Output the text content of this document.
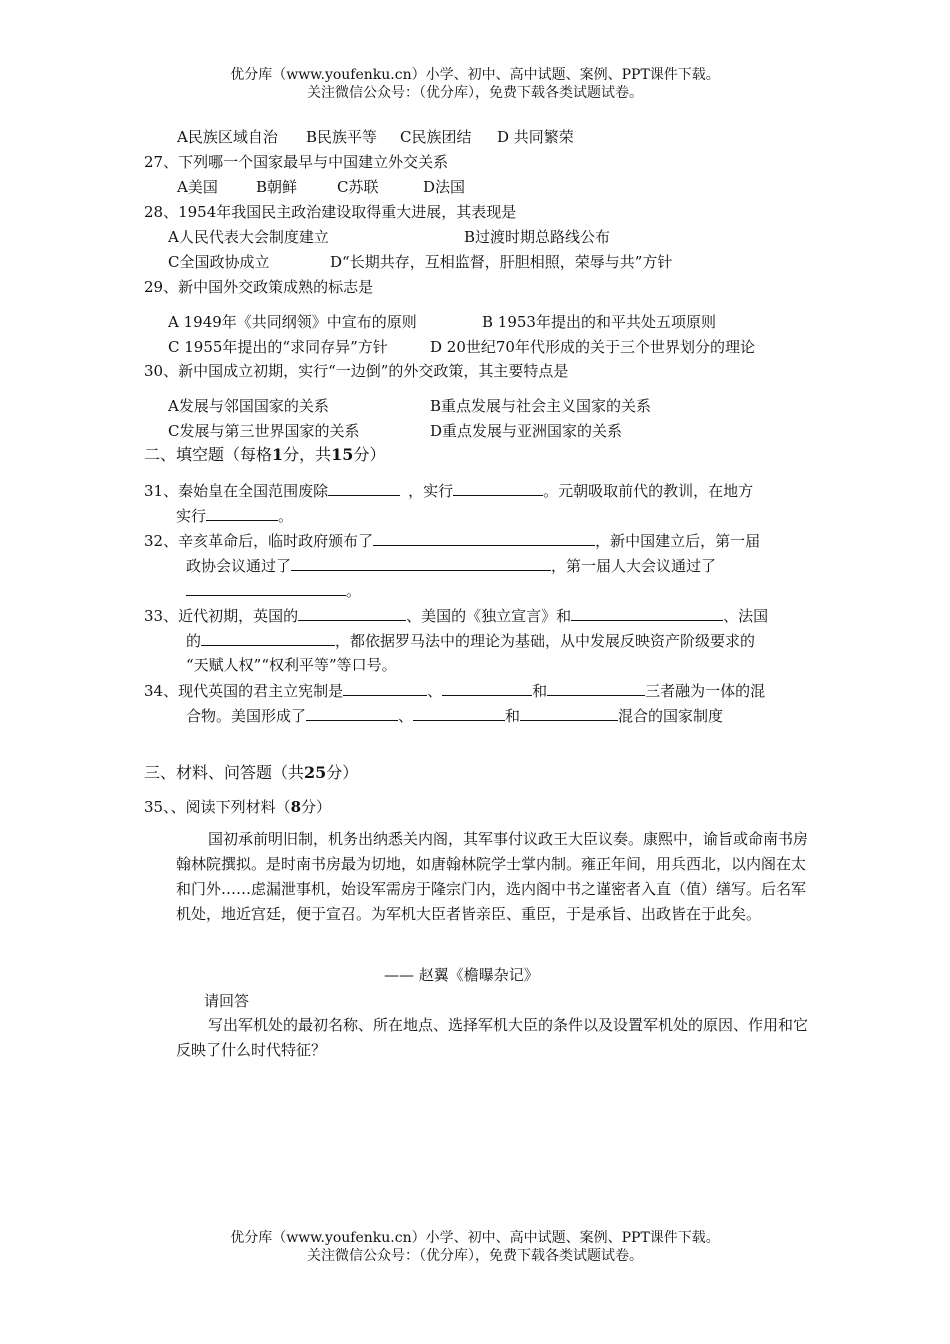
优分库（www.youfenku.cn）小学、初中、高中试题、案例、PPT课件下载。
关注微信公众号：（优分库），免费下载各类试题试卷。
A民族区域自治 B民族平等 C民族团结 D 共同繁荣
27、下列哪一个国家最早与中国建立外交关系
A美国	B朝鲜	C苏联	D法国
28、1954年我国民主政治建设取得重大进展，其表现是
A人民代表大会制度建立	B过渡时期总路线公布
C全国政协成立	D“长期共存，互相监督，肝胆相照，荣辱与共”方针
29、新中国外交政策成熟的标志是
A 1949年《共同纲领》中宣布的原则	B 1953年提出的和平共处五项原则
C 1955年提出的“求同存异”方针	D 20世纪70年代形成的关于三个世界划分的理论
30、新中国成立初期，实行“一边倒”的外交政策，其主要特点是
A发展与邻国国家的关系	B重点发展与社会主义国家的关系
C发展与第三世界国家的关系	D重点发展与亚洲国家的关系
二、填空题（每格1分，共15分）
31、秦始皇在全国范围废除	，实行	。元朝吸取前代的教训，在地方
实行	。
32、辛亥革命后，临时政府颁布了	，新中国建立后，第一届
政协会议通过了	，第一届人大会议通过了
。
33、近代初期，英国的	、美国的《独立宣言》和	、法国
的	，都依据罗马法中的理论为基础，从中发展反映资产阶级要求的
“天赋人权”“权利平等”等口号。
34、现代英国的君主立宪制是	、	和	三者融为一体的混
合物。美国形成了	、	和	混合的国家制度
三、材料、问答题（共25分）
35、、阅读下列材料（8分）
国初承前明旧制，机务出纳悉关内阁，其军事付议政王大臣议奏。康熙中，谕旨或命南书房翰林院撰拟。是时南书房最为切地，如唐翰林院学士掌内制。雍正年间，用兵西北，以内阁在太和门外……虑漏泄事机，始设军需房于隆宗门内，选内阁中书之谨密者入直（值）缮写。后名军机处，地近宫廷，便于宣召。为军机大臣者皆亲臣、重臣，于是承旨、出政皆在于此矣。
—— 赵翼《檐曝杂记》
请回答
写出军机处的最初名称、所在地点、选择军机大臣的条件以及设置军机处的原因、作用和它反映了什么时代特征？
优分库（www.youfenku.cn）小学、初中、高中试题、案例、PPT课件下载。
关注微信公众号：（优分库），免费下载各类试题试卷。
